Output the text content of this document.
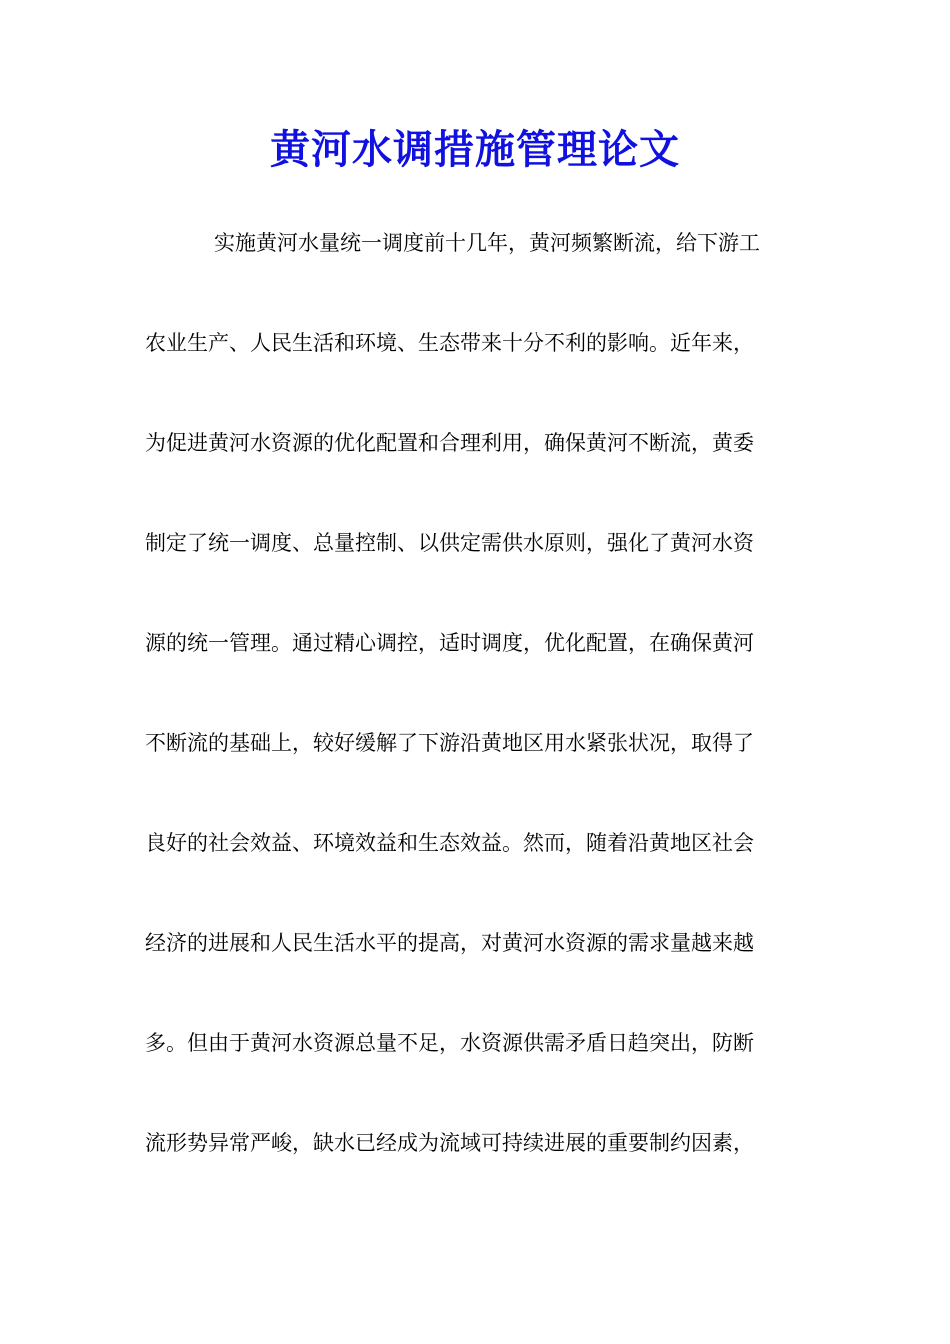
黄河水调措施管理论文
实施黄河水量统一调度前十几年，黄河频繁断流，给下游工
农业生产、人民生活和环境、生态带来十分不利的影响。近年来，
为促进黄河水资源的优化配置和合理利用，确保黄河不断流，黄委
制定了统一调度、总量控制、以供定需供水原则，强化了黄河水资
源的统一管理。通过精心调控，适时调度，优化配置，在确保黄河
不断流的基础上，较好缓解了下游沿黄地区用水紧张状况，取得了
良好的社会效益、环境效益和生态效益。然而，随着沿黄地区社会
经济的进展和人民生活水平的提高，对黄河水资源的需求量越来越
多。但由于黄河水资源总量不足，水资源供需矛盾日趋突出，防断
流形势异常严峻，缺水已经成为流域可持续进展的重要制约因素，
